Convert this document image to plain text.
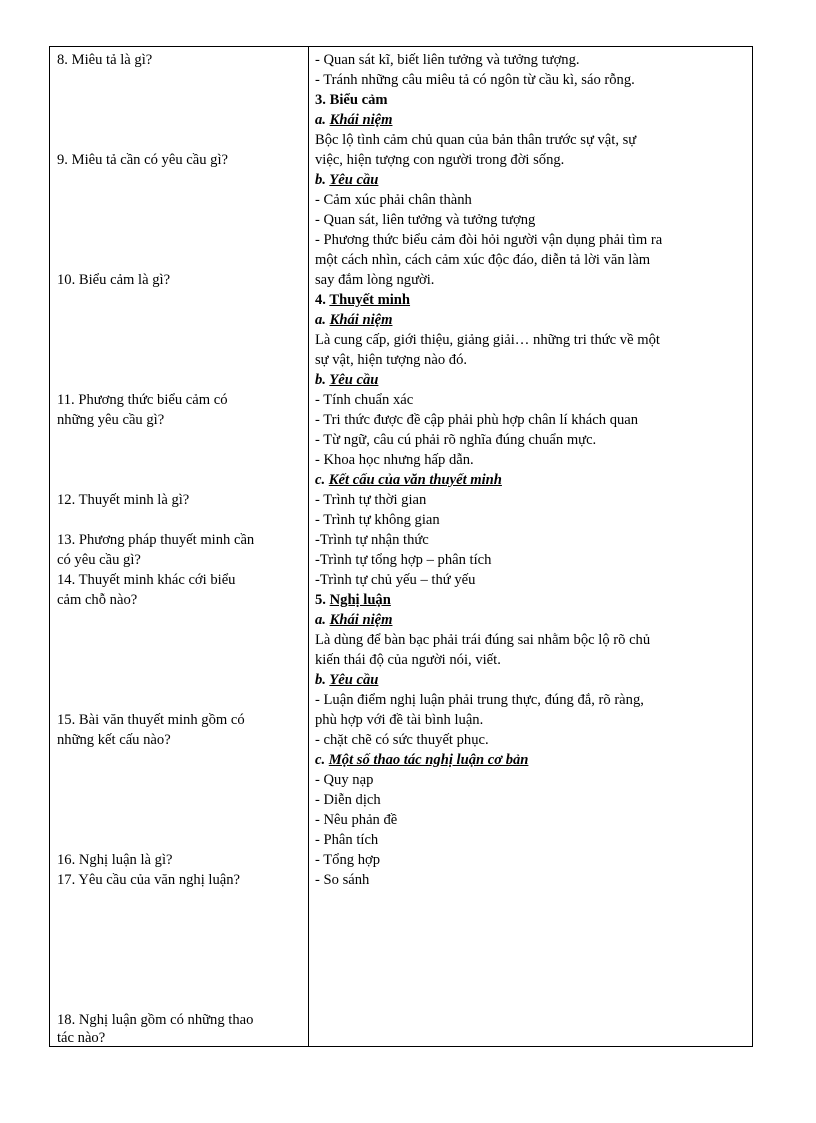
8. Miêu tả là gì?
9. Miêu tả cần có yêu cầu gì?
10. Biểu cảm là gì?
11. Phương thức biểu cảm có
những yêu cầu gì?
12. Thuyết minh là gì?
13. Phương pháp thuyết minh cần
có yêu cầu gì?
14. Thuyết minh khác cới biểu
cảm chỗ nào?
15. Bài văn thuyết minh gồm có
những kết cấu nào?
16. Nghị luận là gì?
17. Yêu cầu của văn nghị luận?
18. Nghị luận gồm có những thao
tác nào?
- Quan sát kĩ, biết liên tưởng và tưởng tượng.
- Tránh những câu miêu tả có ngôn từ cầu kì, sáo rỗng.
3. Biểu cảm
a. Khái niệm
Bộc lộ tình cảm chủ quan của bản thân trước sự vật, sự
việc, hiện tượng con người trong đời sống.
b. Yêu cầu
- Cảm xúc phải chân thành
- Quan sát, liên tưởng và tưởng tượng
- Phương thức biểu cảm đòi hỏi người vận dụng phải tìm ra
một cách nhìn, cách cảm xúc độc đáo, diễn tả lời văn làm
say đắm lòng người.
4. Thuyết minh
a. Khái niệm
Là cung cấp, giới thiệu, giảng giải… những tri thức về một
sự vật, hiện tượng nào đó.
b. Yêu cầu
- Tính chuẩn xác
- Tri thức được đề cập phải phù hợp chân lí khách quan
- Từ ngữ, câu cú phải rõ nghĩa đúng chuẩn mực.
- Khoa học nhưng hấp dẫn.
c. Kết cấu của văn thuyết minh
- Trình tự thời gian
- Trình tự không gian
-Trình tự nhận thức
-Trình tự tổng hợp – phân tích
-Trình tự chủ yếu – thứ yếu
5. Nghị luận
a. Khái niệm
Là dùng để bàn bạc phải trái đúng sai nhằm bộc lộ rõ chủ
kiến thái độ của người nói, viết.
b. Yêu cầu
- Luận điểm nghị luận phải trung thực, đúng đắ, rõ ràng,
phù hợp với đề tài bình luận.
- chặt chẽ có sức thuyết phục.
c. Một số thao tác nghị luận cơ bản
- Quy nạp
- Diễn dịch
- Nêu phản đề
- Phân tích
- Tổng hợp
- So sánh
